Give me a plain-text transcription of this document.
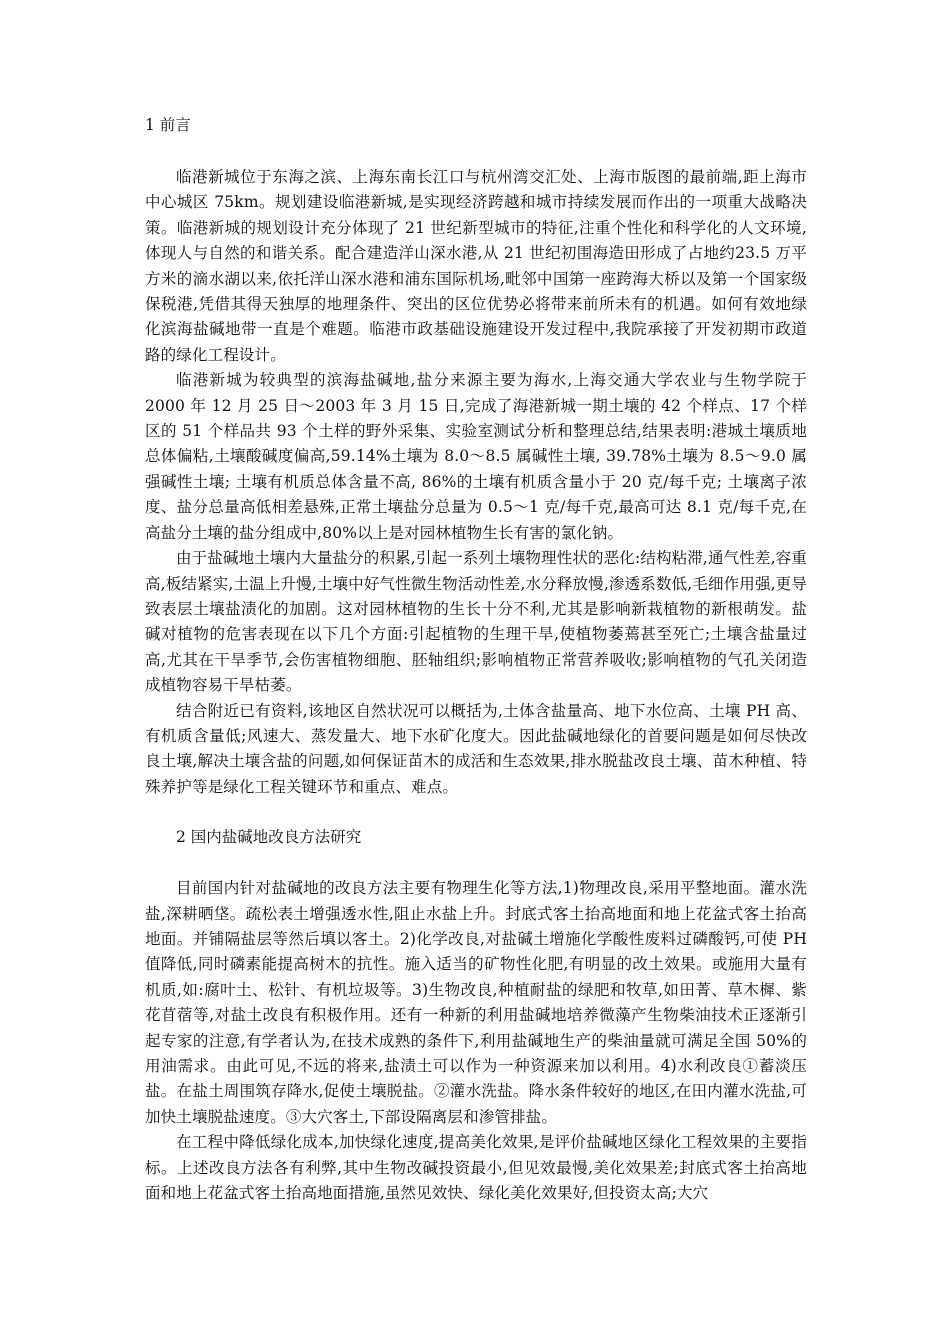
1 前言

临港新城位于东海之滨、上海东南长江口与杭州湾交汇处、上海市版图的最前端,距上海市中心城区 75km。规划建设临港新城,是实现经济跨越和城市持续发展而作出的一项重大战略决策。临港新城的规划设计充分体现了 21 世纪新型城市的特征,注重个性化和科学化的人文环境,体现人与自然的和谐关系。配合建造洋山深水港,从 21 世纪初围海造田形成了占地约23.5 万平方米的滴水湖以来,依托洋山深水港和浦东国际机场,毗邻中国第一座跨海大桥以及第一个国家级保税港,凭借其得天独厚的地理条件、突出的区位优势必将带来前所未有的机遇。如何有效地绿化滨海盐碱地带一直是个难题。临港市政基础设施建设开发过程中,我院承接了开发初期市政道路的绿化工程设计。

临港新城为较典型的滨海盐碱地,盐分来源主要为海水,上海交通大学农业与生物学院于 2000 年 12 月 25 日～2003 年 3 月 15 日,完成了海港新城一期土壤的 42 个样点、17 个样区的 51 个样品共 93 个土样的野外采集、实验室测试分析和整理总结,结果表明:港城土壤质地总体偏粘,土壤酸碱度偏高,59.14%土壤为 8.0～8.5 属碱性土壤, 39.78%土壤为 8.5～9.0 属强碱性土壤; 土壤有机质总体含量不高, 86%的土壤有机质含量小于 20 克/每千克; 土壤离子浓度、盐分总量高低相差悬殊,正常土壤盐分总量为 0.5～1 克/每千克,最高可达 8.1 克/每千克,在高盐分土壤的盐分组成中,80%以上是对园林植物生长有害的氯化钠。

由于盐碱地土壤内大量盐分的积累,引起一系列土壤物理性状的恶化:结构粘滞,通气性差,容重高,板结紧实,土温上升慢,土壤中好气性微生物活动性差,水分释放慢,渗透系数低,毛细作用强,更导致表层土壤盐渍化的加剧。这对园林植物的生长十分不利,尤其是影响新栽植物的新根萌发。盐碱对植物的危害表现在以下几个方面:引起植物的生理干旱,使植物萎蔫甚至死亡;土壤含盐量过高,尤其在干旱季节,会伤害植物细胞、胚轴组织;影响植物正常营养吸收;影响植物的气孔关闭造成植物容易干旱枯萎。

结合附近已有资料,该地区自然状况可以概括为,土体含盐量高、地下水位高、土壤 PH 高、有机质含量低;风速大、蒸发量大、地下水矿化度大。因此盐碱地绿化的首要问题是如何尽快改良土壤,解决土壤含盐的问题,如何保证苗木的成活和生态效果,排水脱盐改良土壤、苗木种植、特殊养护等是绿化工程关键环节和重点、难点。

2 国内盐碱地改良方法研究

目前国内针对盐碱地的改良方法主要有物理生化等方法,1)物理改良,采用平整地面。灌水洗盐,深耕晒垡。疏松表土增强透水性,阻止水盐上升。封底式客土抬高地面和地上花盆式客土抬高地面。并铺隔盐层等然后填以客土。2)化学改良,对盐碱土增施化学酸性废料过磷酸钙,可使 PH 值降低,同时磷素能提高树木的抗性。施入适当的矿物性化肥,有明显的改土效果。或施用大量有机质,如:腐叶土、松针、有机垃圾等。3)生物改良,种植耐盐的绿肥和牧草,如田菁、草木樨、紫花苜蓿等,对盐土改良有积极作用。还有一种新的利用盐碱地培养微藻产生物柴油技术正逐渐引起专家的注意,有学者认为,在技术成熟的条件下,利用盐碱地生产的柴油量就可满足全国 50%的用油需求。由此可见,不远的将来,盐渍土可以作为一种资源来加以利用。4)水利改良①蓄淡压盐。在盐土周围筑存降水,促使土壤脱盐。②灌水洗盐。降水条件较好的地区,在田内灌水洗盐,可加快土壤脱盐速度。③大穴客土,下部设隔离层和渗管排盐。

在工程中降低绿化成本,加快绿化速度,提高美化效果,是评价盐碱地区绿化工程效果的主要指标。上述改良方法各有利弊,其中生物改碱投资最小,但见效最慢,美化效果差;封底式客土抬高地面和地上花盆式客土抬高地面措施,虽然见效快、绿化美化效果好,但投资太高;大穴
